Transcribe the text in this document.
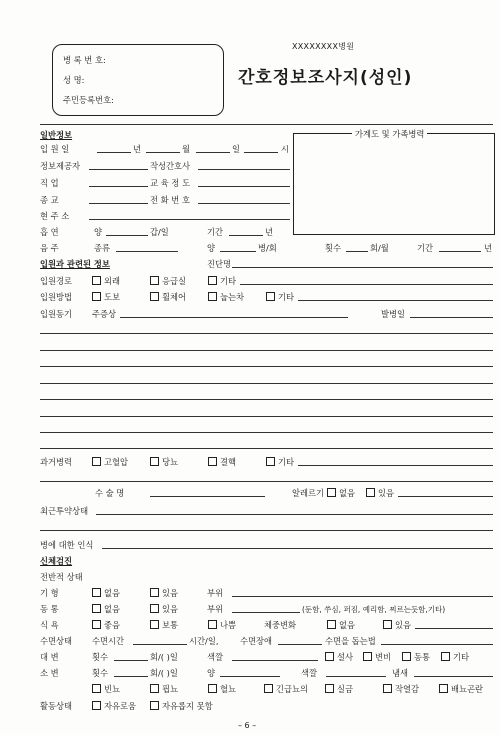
XXXXXXXX병원
간호정보조사지(성인)
병 록 번 호:
성 명:
주민등록번호:
일반정보	가계도 및 가족병력
입 원 일	년	월	일	시
정보제공자	작성간호사
직 업	교 육 정 도
종 교	전 화 번 호
현 주 소
흡 연	양	갑/일	기간	년
음 주	종류	양	병/회	횟수	회/월	기간	년
입원과 관련된 정보	진단명
입원경로	외래	응급실	기타
입원방법	도보	휠체어	눕는차	기타
입원동기 주증상	발병일
과거병력	고혈압	당뇨	결핵	기타
수 술 명	알레르기	없음	있음
최근투약상태
병에 대한 인식
신체검진
전반적 상태
기 형	없음	있음	부위
동 통	없음	있음	부위	(둔함, 쑤심, 퍼짐, 예리함, 찌르는듯함,기타)
식 욕	좋음	보통	나쁨	체중변화	없음	있음
수면상태 수면시간	시간/일,	수면장애	수면을 돕는법
대 변	횟수	회/( )일	색깔	설사	변비	동통	기타
소 변	횟수	회/( )일	양	색깔	냄새
빈뇨	핍뇨	혈뇨	긴급뇨의	실금	작열감	배뇨곤란
활동상태	자유로움	자유롭지 못함
– 6 –
